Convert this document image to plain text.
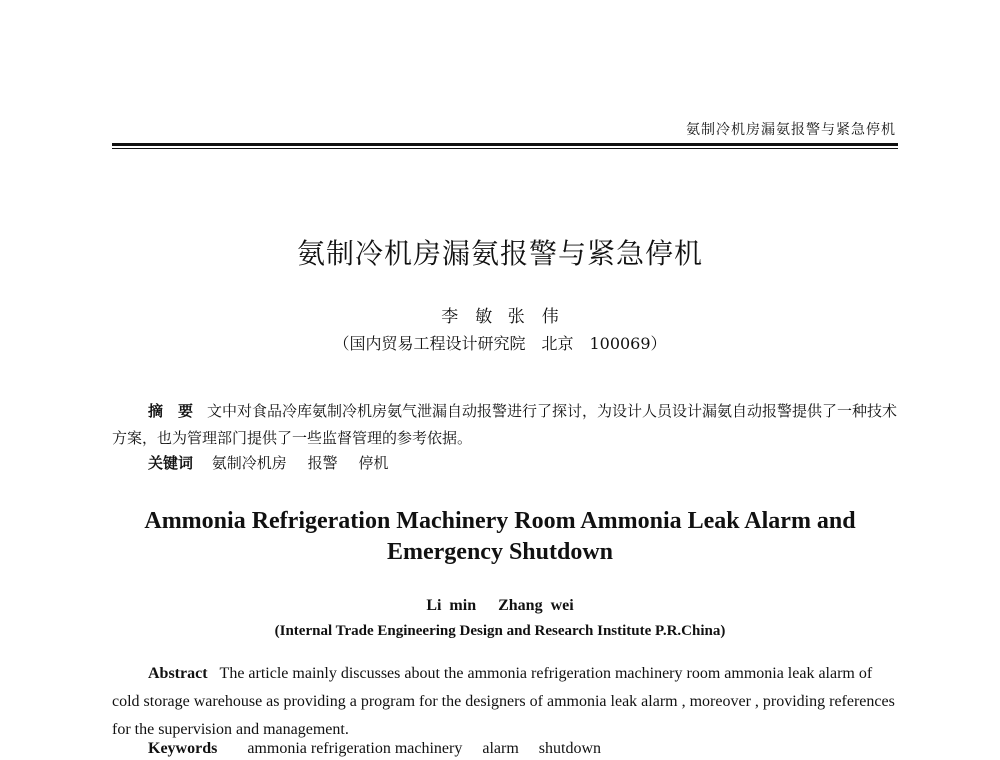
氨制冷机房漏氨报警与紧急停机
氨制冷机房漏氨报警与紧急停机
李　敏 张　伟
（国内贸易工程设计研究院　北京　100069）
摘　要 文中对食品冷库氨制冷机房氨气泄漏自动报警进行了探讨，为设计人员设计漏氨自动报警提供了一种技术方案，也为管理部门提供了一些监督管理的参考依据。
关键词 氨制冷机房 报警 停机
Ammonia Refrigeration Machinery Room Ammonia Leak Alarm and Emergency Shutdown
Li min Zhang wei
(Internal Trade Engineering Design and Research Institute P.R.China)
Abstract The article mainly discusses about the ammonia refrigeration machinery room ammonia leak alarm of cold storage warehouse as providing a program for the designers of ammonia leak alarm , moreover , providing references for the supervision and management.
Keywords ammonia refrigeration machinery alarm shutdown
